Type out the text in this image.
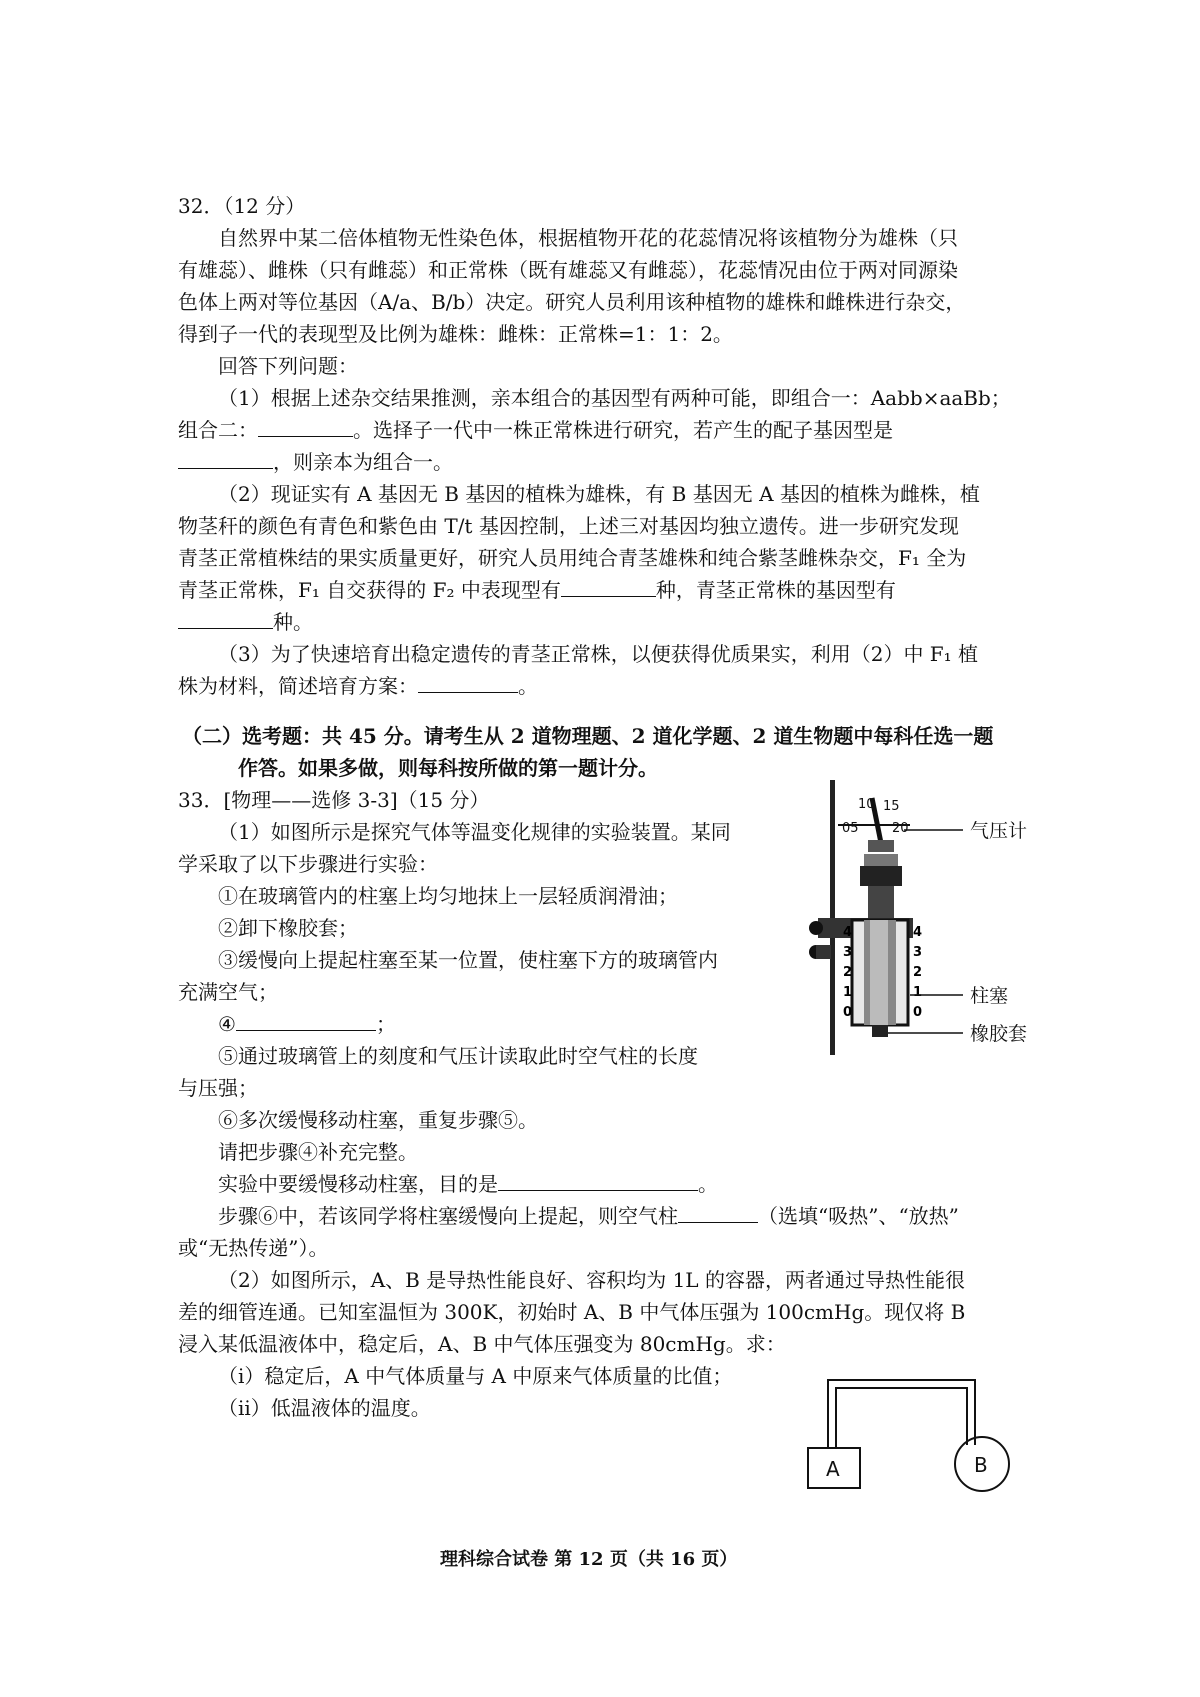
32．（12 分）
自然界中某二倍体植物无性染色体，根据植物开花的花蕊情况将该植物分为雄株（只
有雄蕊）、雌株（只有雌蕊）和正常株（既有雄蕊又有雌蕊），花蕊情况由位于两对同源染
色体上两对等位基因（A/a、B/b）决定。研究人员利用该种植物的雄株和雌株进行杂交，
得到子一代的表现型及比例为雄株：雌株：正常株=1：1：2。
回答下列问题：
（1）根据上述杂交结果推测，亲本组合的基因型有两种可能，即组合一：Aabb×aaBb；
组合二：	。选择子一代中一株正常株进行研究，若产生的配子基因型是
，则亲本为组合一。
（2）现证实有 A 基因无 B 基因的植株为雄株，有 B 基因无 A 基因的植株为雌株，植
物茎秆的颜色有青色和紫色由 T/t 基因控制，上述三对基因均独立遗传。进一步研究发现
青茎正常植株结的果实质量更好，研究人员用纯合青茎雄株和纯合紫茎雌株杂交，F₁ 全为
青茎正常株，F₁ 自交获得的 F₂ 中表现型有	种，青茎正常株的基因型有
种。
（3）为了快速培育出稳定遗传的青茎正常株，以便获得优质果实，利用（2）中 F₁ 植
株为材料，简述培育方案：	。
（二）选考题：共 45 分。请考生从 2 道物理题、2 道化学题、2 道生物题中每科任选一题
作答。如果多做，则每科按所做的第一题计分。
33．[物理——选修 3-3]（15 分）
（1）如图所示是探究气体等温变化规律的实验装置。某同
学采取了以下步骤进行实验：
①在玻璃管内的柱塞上均匀地抹上一层轻质润滑油；
②卸下橡胶套；
③缓慢向上提起柱塞至某一位置，使柱塞下方的玻璃管内
充满空气；
④	；
⑤通过玻璃管上的刻度和气压计读取此时空气柱的长度
与压强；
⑥多次缓慢移动柱塞，重复步骤⑤。
请把步骤④补充完整。
实验中要缓慢移动柱塞，目的是	。
步骤⑥中，若该同学将柱塞缓慢向上提起，则空气柱	（选填“吸热”、“放热”
或“无热传递”）。
（2）如图所示，A、B 是导热性能良好、容积均为 1L 的容器，两者通过导热性能很
差的细管连通。已知室温恒为 300K，初始时 A、B 中气体压强为 100cmHg。现仅将 B
浸入某低温液体中，稳定后，A、B 中气体压强变为 80cmHg。求：
（i）稳定后，A 中气体质量与 A 中原来气体质量的比值；
（ii）低温液体的温度。
10 15
05	20
4
3
2
1
0
4
3
2
1
0
气压计
柱塞
橡胶套
A	B
理科综合试卷 第 12 页（共 16 页）
